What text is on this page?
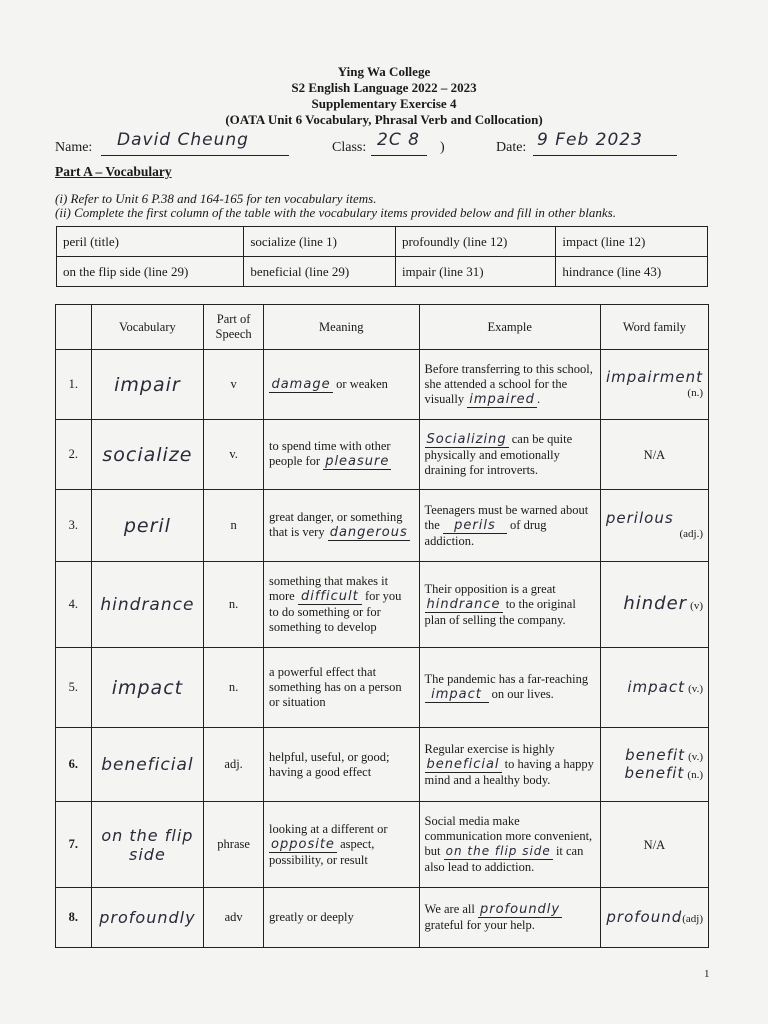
Ying Wa College
S2 English Language 2022 – 2023
Supplementary Exercise 4
(OATA Unit 6 Vocabulary, Phrasal Verb and Collocation)
Name: David Cheung	Class: 2C 8 )	Date: 9 Feb 2023
Part A – Vocabulary
(i) Refer to Unit 6 P.38 and 164-165 for ten vocabulary items.
(ii) Complete the first column of the table with the vocabulary items provided below and fill in other blanks.
peril (title)	socialize (line 1)	profoundly (line 12)	impact (line 12)
on the flip side (line 29)	beneficial (line 29)	impair (line 31)	hindrance (line 43)
	Vocabulary	Part of Speech	Meaning	Example	Word family
1.	impair	v	damage or weaken	Before transferring to this school, she attended a school for the visually impaired .	impairment
(n.)

2.	socialize	v.	to spend time with other people for pleasure	Socializing can be quite physically and emotionally draining for introverts.	N/A

3.	peril	n	great danger, or something that is very dangerous	Teenagers must be warned about the perils of drug addiction.	perilous
(adj.)

4.	hindrance	n.	something that makes it more difficult for you to do something or for something to develop	Their opposition is a great hindrance to the original plan of selling the company.	hinder (v)
5.	impact	n.	a powerful effect that something has on a person or situation	The pandemic has a far-reaching impact on our lives.	impact (v.)
6.	beneficial	adj.	helpful, useful, or good; having a good effect	Regular exercise is highly beneficial to having a happy mind and a healthy body.	benefit (v.)
benefit (n.)

7.	on the flip side	phrase	looking at a different or opposite aspect, possibility, or result	Social media make communication more convenient, but on the flip side it can also lead to addiction.	N/A

8.	profoundly	adv	greatly or deeply	We are all profoundly grateful for your help.	profound(adj)
1
